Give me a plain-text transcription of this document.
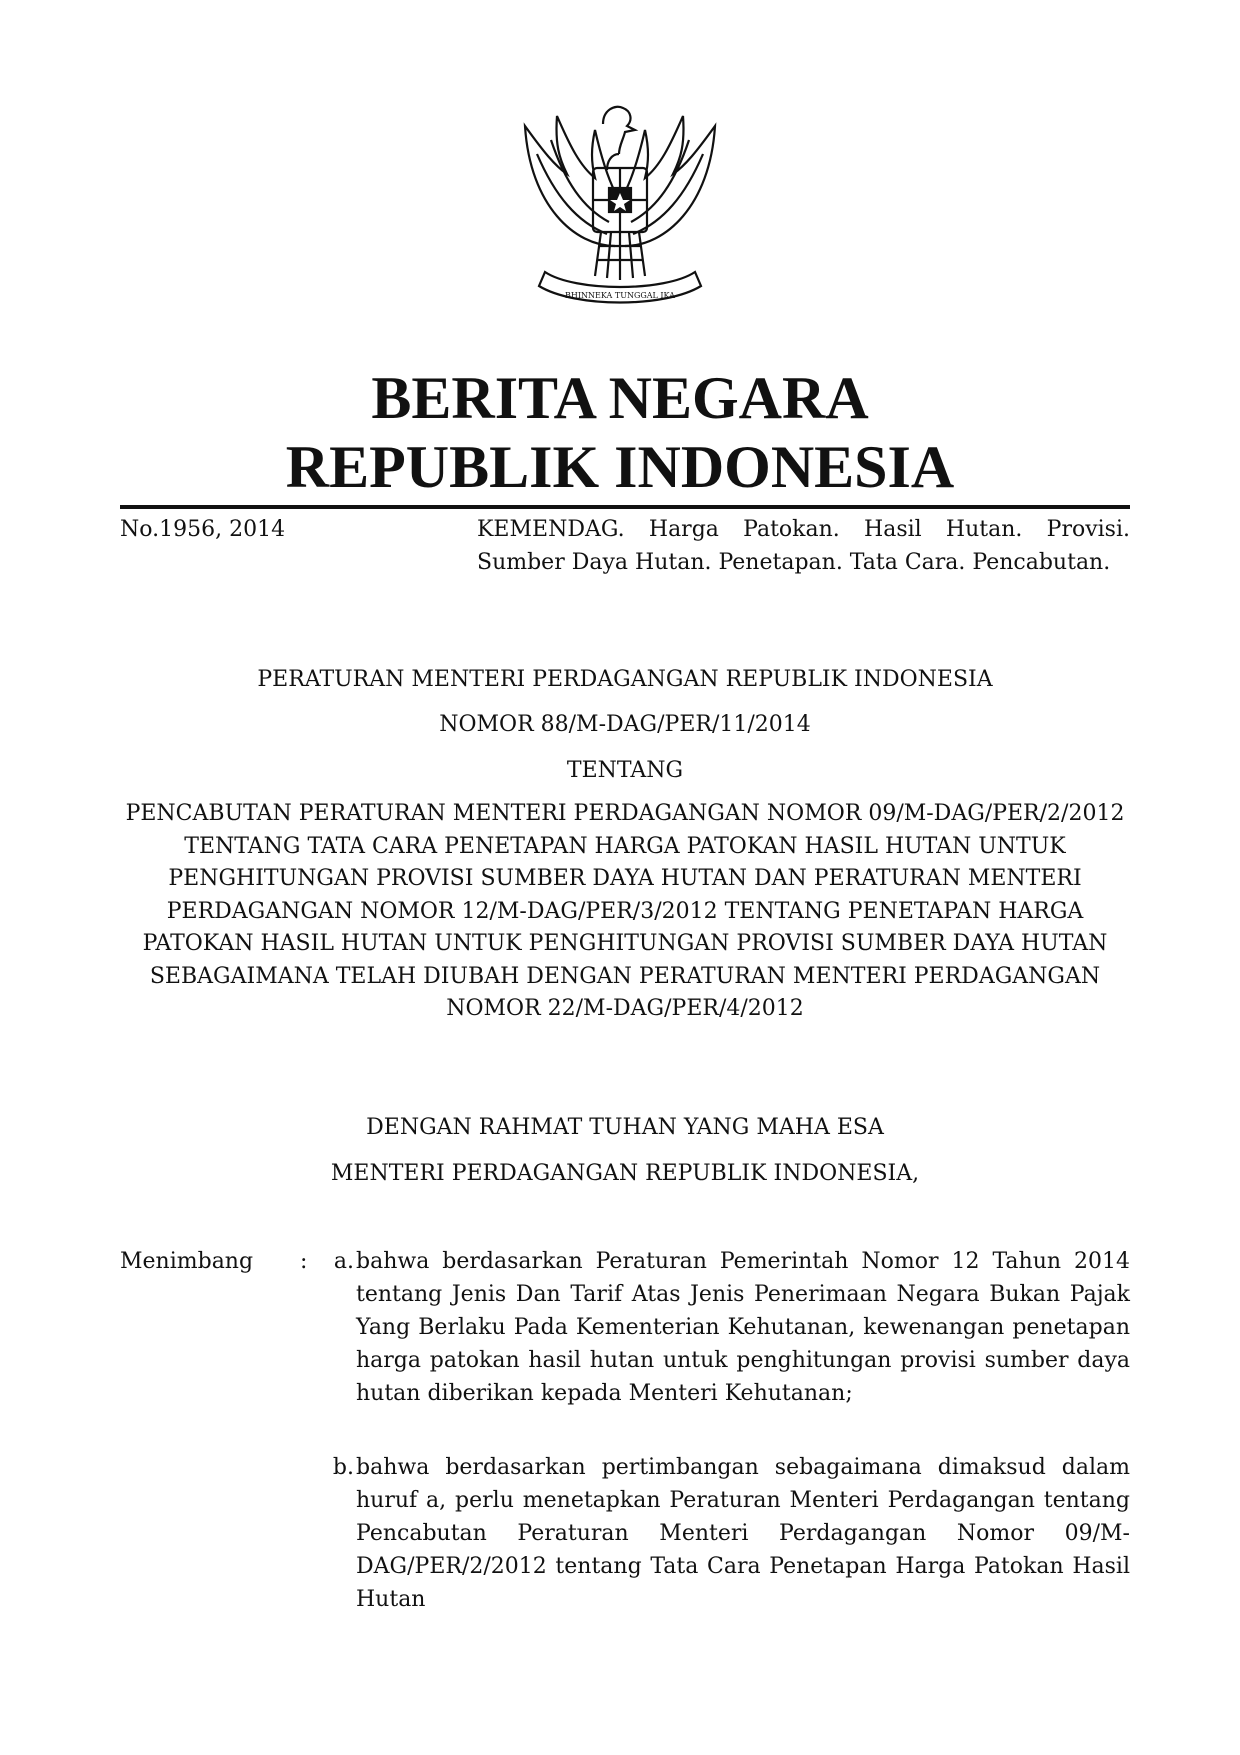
BHINNEKA TUNGGAL IKA
BERITA NEGARA
REPUBLIK INDONESIA
No.1956, 2014	KEMENDAG. Harga Patokan. Hasil Hutan. Provisi. Sumber Daya Hutan. Penetapan. Tata Cara. Pencabutan.
PERATURAN MENTERI PERDAGANGAN REPUBLIK INDONESIA
NOMOR 88/M-DAG/PER/11/2014
TENTANG
PENCABUTAN PERATURAN MENTERI PERDAGANGAN NOMOR 09/M-DAG/PER/2/2012 TENTANG TATA CARA PENETAPAN HARGA PATOKAN HASIL HUTAN UNTUK PENGHITUNGAN PROVISI SUMBER DAYA HUTAN DAN PERATURAN MENTERI PERDAGANGAN NOMOR 12/M-DAG/PER/3/2012 TENTANG PENETAPAN HARGA PATOKAN HASIL HUTAN UNTUK PENGHITUNGAN PROVISI SUMBER DAYA HUTAN SEBAGAIMANA TELAH DIUBAH DENGAN PERATURAN MENTERI PERDAGANGAN NOMOR 22/M-DAG/PER/4/2012
DENGAN RAHMAT TUHAN YANG MAHA ESA
MENTERI PERDAGANGAN REPUBLIK INDONESIA,
Menimbang :	a. bahwa berdasarkan Peraturan Pemerintah Nomor 12 Tahun 2014 tentang Jenis Dan Tarif Atas Jenis Penerimaan Negara Bukan Pajak Yang Berlaku Pada Kementerian Kehutanan, kewenangan penetapan harga patokan hasil hutan untuk penghitungan provisi sumber daya hutan diberikan kepada Menteri Kehutanan;
b. bahwa berdasarkan pertimbangan sebagaimana dimaksud dalam huruf a, perlu menetapkan Peraturan Menteri Perdagangan tentang Pencabutan Peraturan Menteri Perdagangan Nomor 09/M-DAG/PER/2/2012 tentang Tata Cara Penetapan Harga Patokan Hasil Hutan
